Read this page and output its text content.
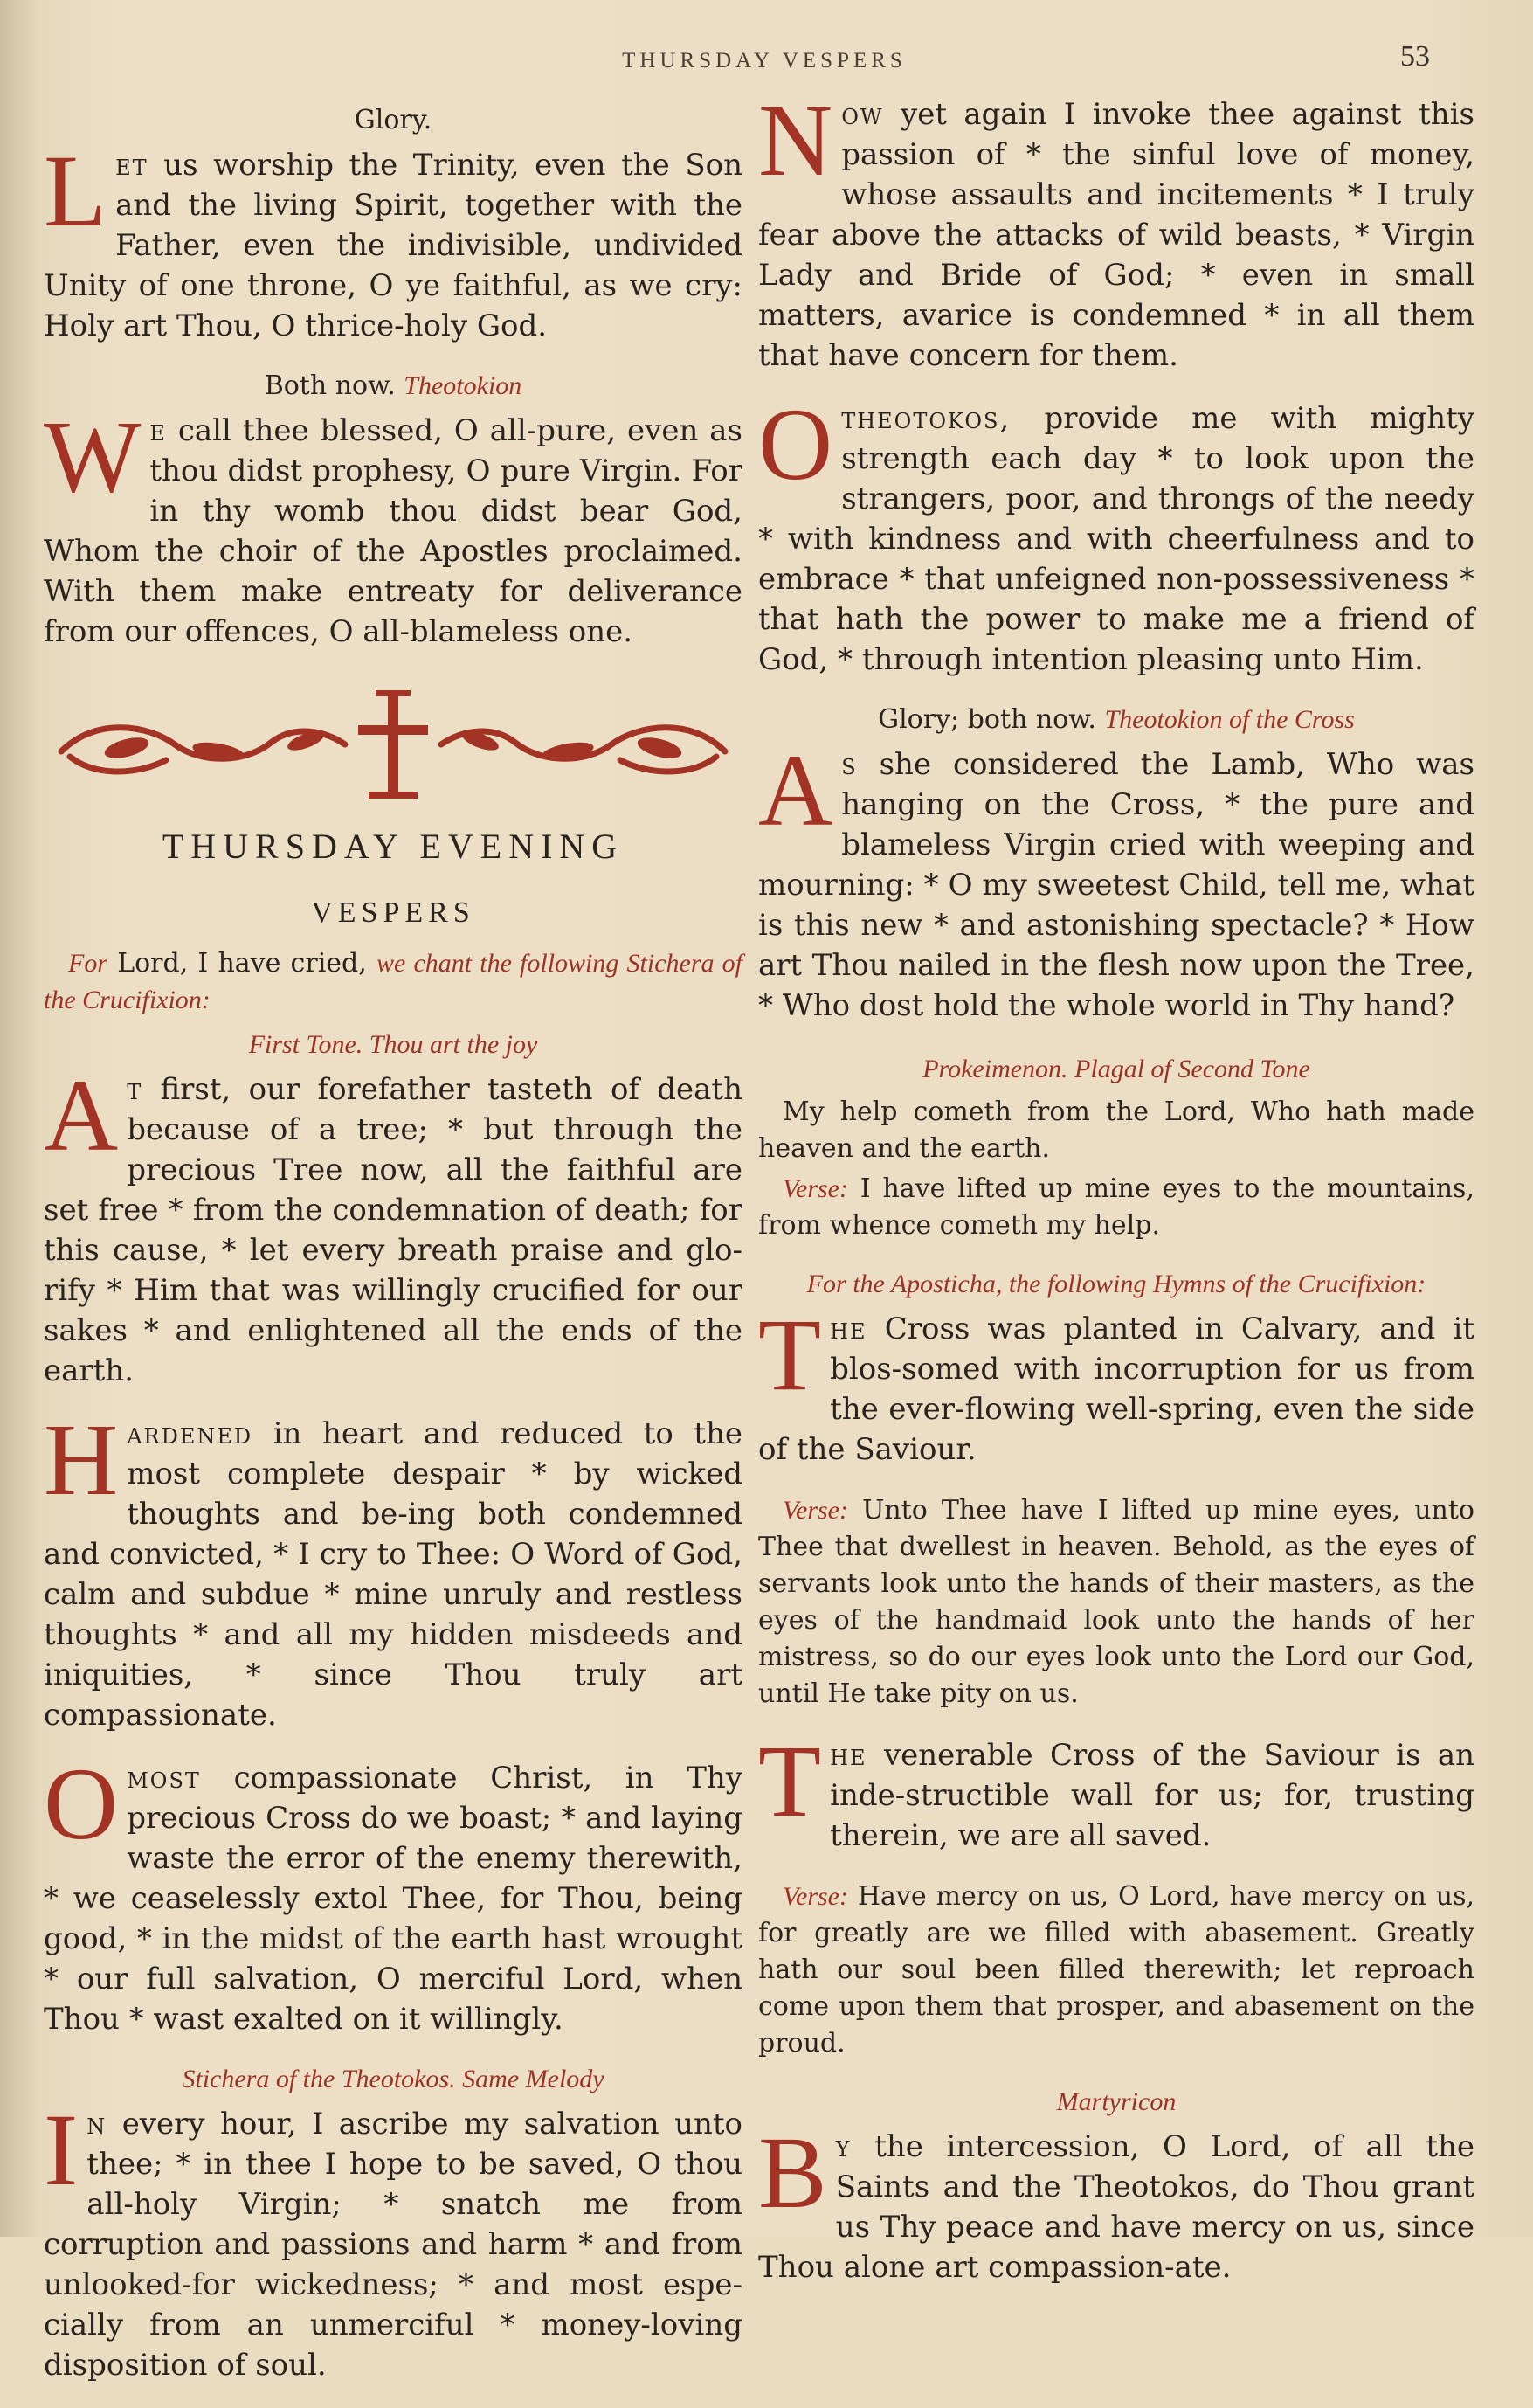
THURSDAY VESPERS	53

Glory.

Let us worship the Trinity, even the Son and the living Spirit, together with the Father, even the indivisible, undivided Unity of one throne, O ye faithful, as we cry: Holy art Thou, O thrice-holy God.

Both now. Theotokion

We call thee blessed, O all-pure, even as thou didst prophesy, O pure Virgin. For in thy womb thou didst bear God, Whom the choir of the Apostles proclaimed. With them make entreaty for deliverance from our offences, O all-blameless one.

THURSDAY EVENING
VESPERS

For Lord, I have cried, we chant the following Stichera of the Crucifixion:

First Tone. Thou art the joy

At first, our forefather tasteth of death because of a tree; * but through the precious Tree now, all the faithful are set free * from the condemnation of death; for this cause, * let every breath praise and glo-rify * Him that was willingly crucified for our sakes * and enlightened all the ends of the earth.

Hardened in heart and reduced to the most complete despair * by wicked thoughts and be-ing both condemned and convicted, * I cry to Thee: O Word of God, calm and subdue * mine unruly and restless thoughts * and all my hidden misdeeds and iniquities, * since Thou truly art compassionate.

Omost compassionate Christ, in Thy precious Cross do we boast; * and laying waste the error of the enemy therewith, * we ceaselessly extol Thee, for Thou, being good, * in the midst of the earth hast wrought * our full salvation, O merciful Lord, when Thou * wast exalted on it willingly.

Stichera of the Theotokos. Same Melody

In every hour, I ascribe my salvation unto thee; * in thee I hope to be saved, O thou all-holy Virgin; * snatch me from corruption and passions and harm * and from unlooked-for wickedness; * and most espe-cially from an unmerciful * money-loving disposition of soul.

Now yet again I invoke thee against this passion of * the sinful love of money, whose assaults and incitements * I truly fear above the attacks of wild beasts, * Virgin Lady and Bride of God; * even in small matters, avarice is condemned * in all them that have concern for them.

Otheotokos, provide me with mighty strength each day * to look upon the strangers, poor, and throngs of the needy * with kindness and with cheerfulness and to embrace * that unfeigned non-possessiveness * that hath the power to make me a friend of God, * through intention pleasing unto Him.

Glory; both now. Theotokion of the Cross

As she considered the Lamb, Who was hanging on the Cross, * the pure and blameless Virgin cried with weeping and mourning: * O my sweetest Child, tell me, what is this new * and astonishing spectacle? * How art Thou nailed in the flesh now upon the Tree, * Who dost hold the whole world in Thy hand?

Prokeimenon. Plagal of Second Tone

My help cometh from the Lord, Who hath made heaven and the earth.

Verse: I have lifted up mine eyes to the mountains, from whence cometh my help.

For the Aposticha, the following Hymns of the Crucifixion:

The Cross was planted in Calvary, and it blos-somed with incorruption for us from the ever-flowing well-spring, even the side of the Saviour.

Verse: Unto Thee have I lifted up mine eyes, unto Thee that dwellest in heaven. Behold, as the eyes of servants look unto the hands of their masters, as the eyes of the handmaid look unto the hands of her mistress, so do our eyes look unto the Lord our God, until He take pity on us.

The venerable Cross of the Saviour is an inde-structible wall for us; for, trusting therein, we are all saved.

Verse: Have mercy on us, O Lord, have mercy on us, for greatly are we filled with abasement. Greatly hath our soul been filled therewith; let reproach come upon them that prosper, and abasement on the proud.

Martyricon

By the intercession, O Lord, of all the Saints and the Theotokos, do Thou grant us Thy peace and have mercy on us, since Thou alone art compassion-ate.
